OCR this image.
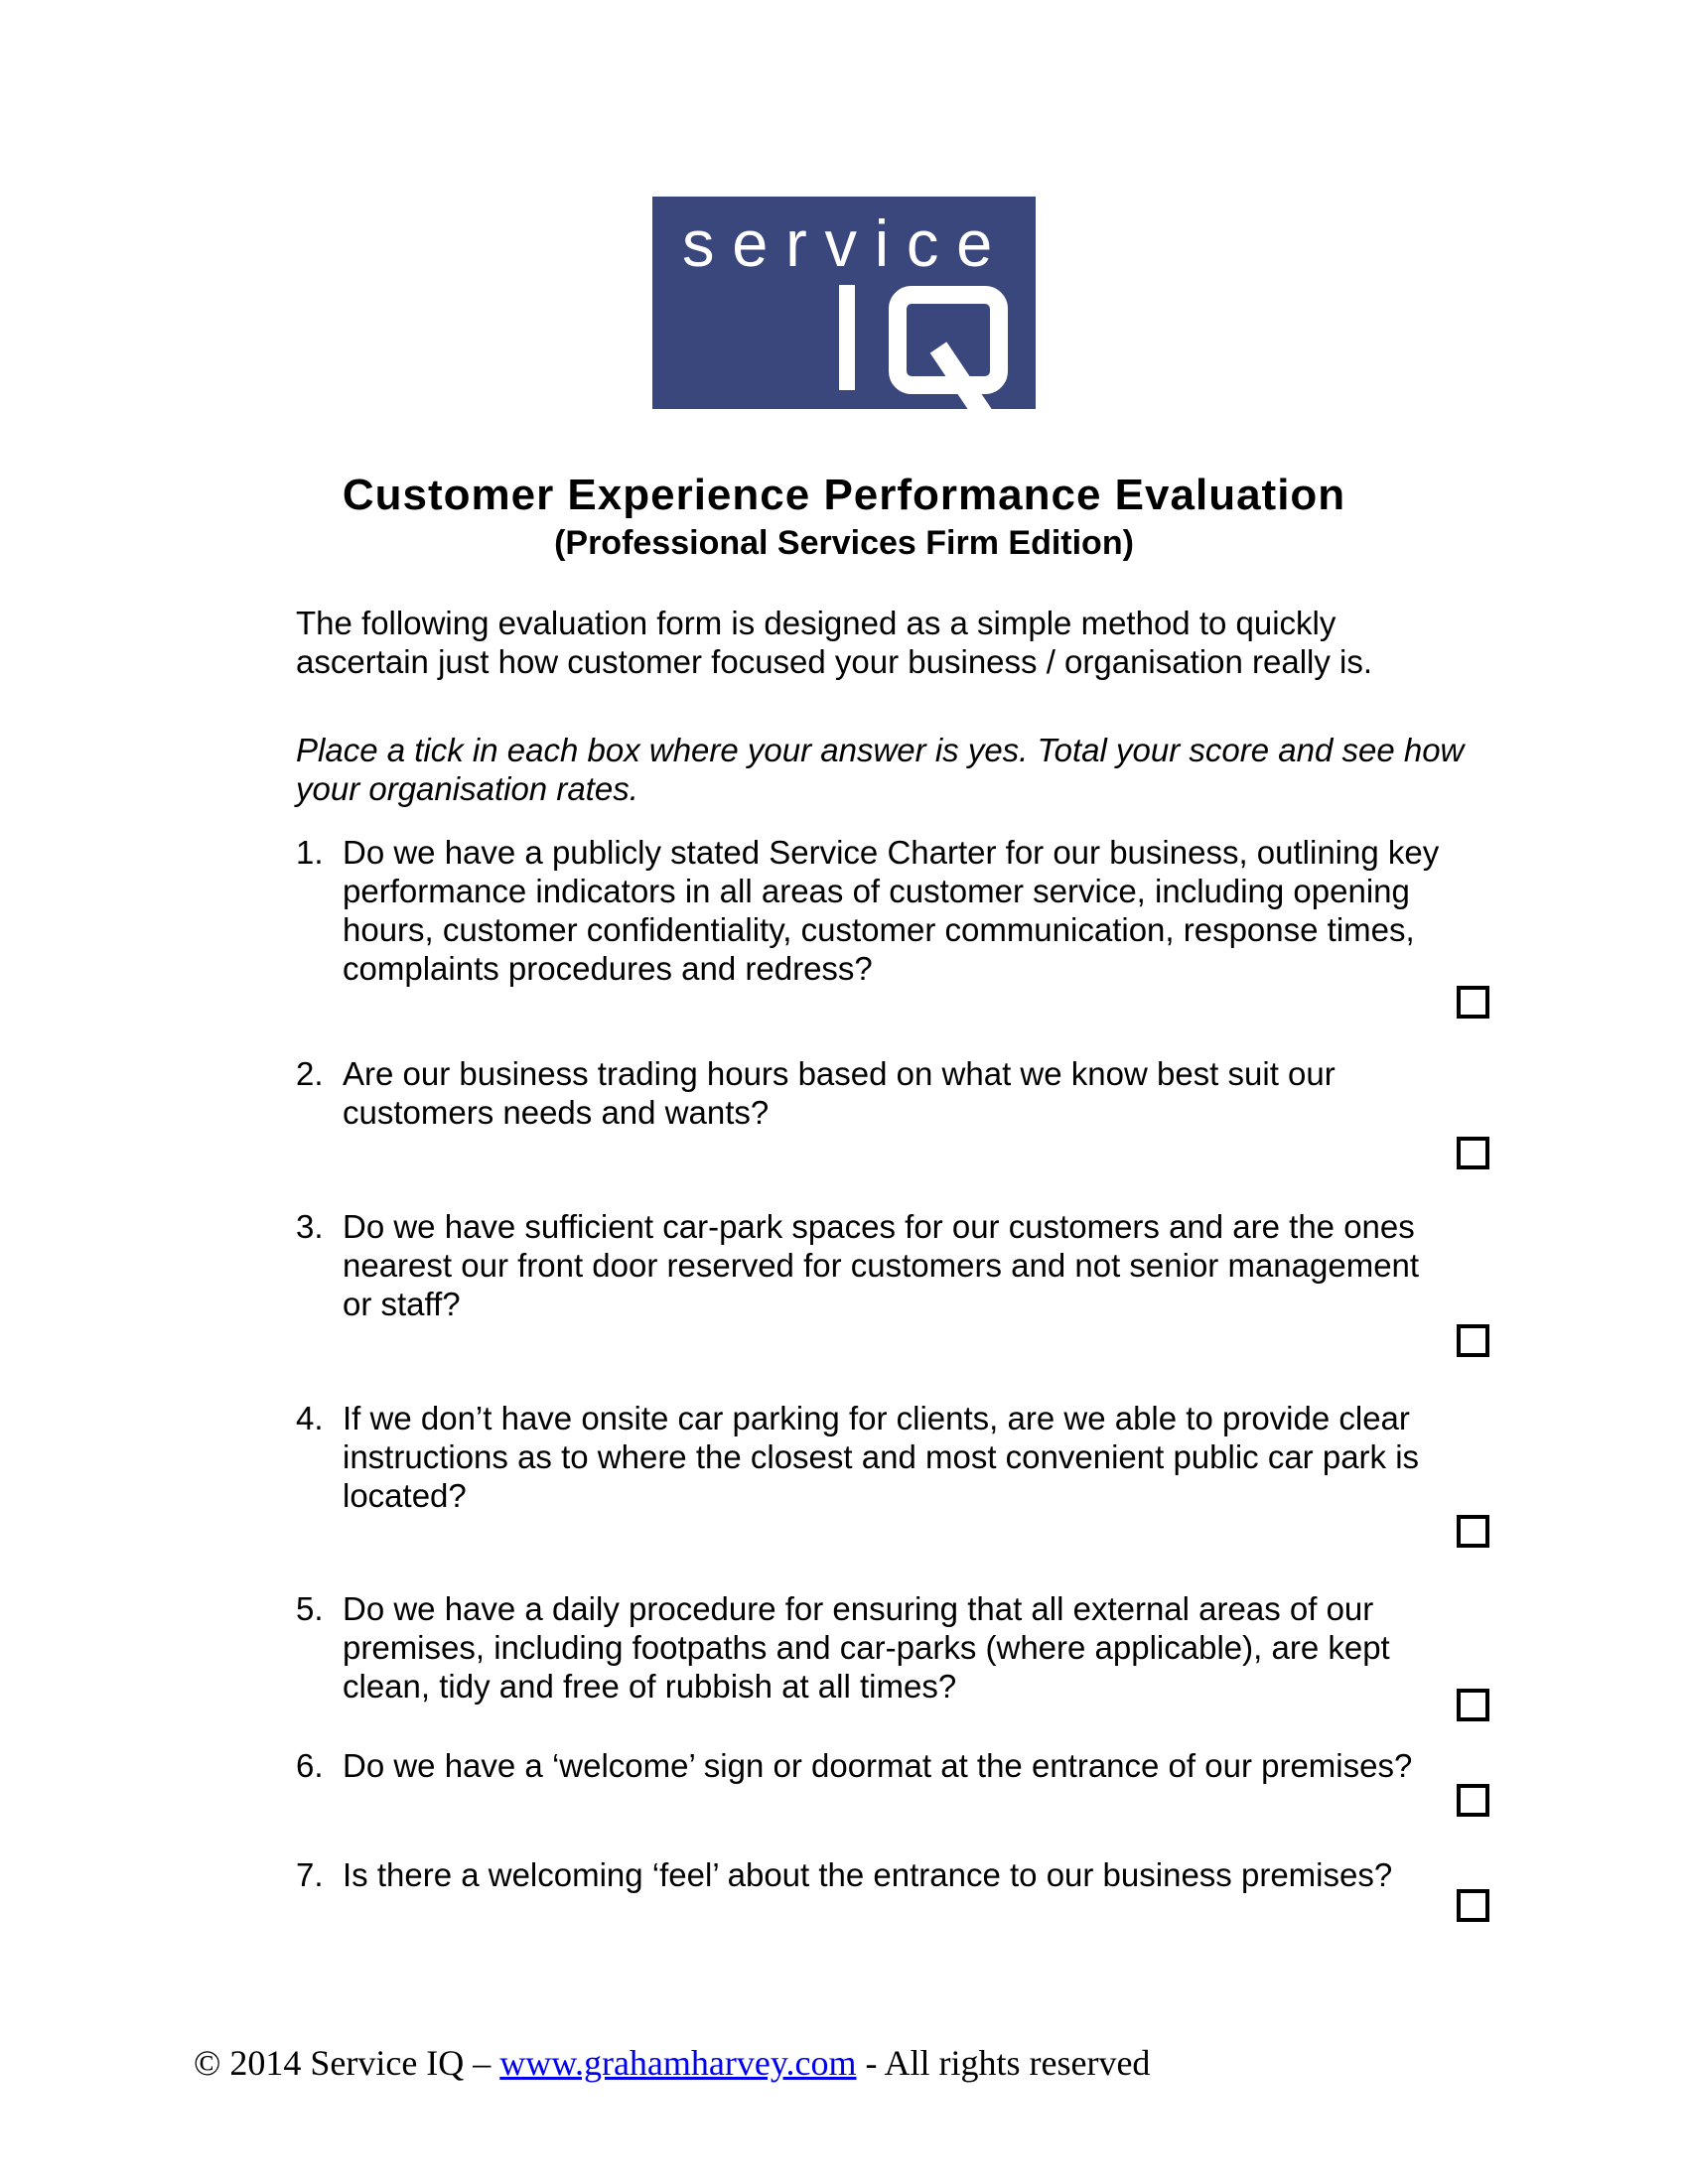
service
Customer Experience Performance Evaluation
(Professional Services Firm Edition)

The following evaluation form is designed as a simple method to quickly
ascertain just how customer focused your business / organisation really is.

Place a tick in each box where your answer is yes. Total your score and see how
your organisation rates.

1. Do we have a publicly stated Service Charter for our business, outlining key
performance indicators in all areas of customer service, including opening
hours, customer confidentiality, customer communication, response times,
complaints procedures and redress?
2. Are our business trading hours based on what we know best suit our
customers needs and wants?
3. Do we have sufficient car-park spaces for our customers and are the ones
nearest our front door reserved for customers and not senior management
or staff?
4. If we don’t have onsite car parking for clients, are we able to provide clear
instructions as to where the closest and most convenient public car park is
located?
5. Do we have a daily procedure for ensuring that all external areas of our
premises, including footpaths and car-parks (where applicable), are kept
clean, tidy and free of rubbish at all times?
6. Do we have a ‘welcome’ sign or doormat at the entrance of our premises?
7. Is there a welcoming ‘feel’ about the entrance to our business premises?

© 2014 Service IQ – www.grahamharvey.com - All rights reserved
